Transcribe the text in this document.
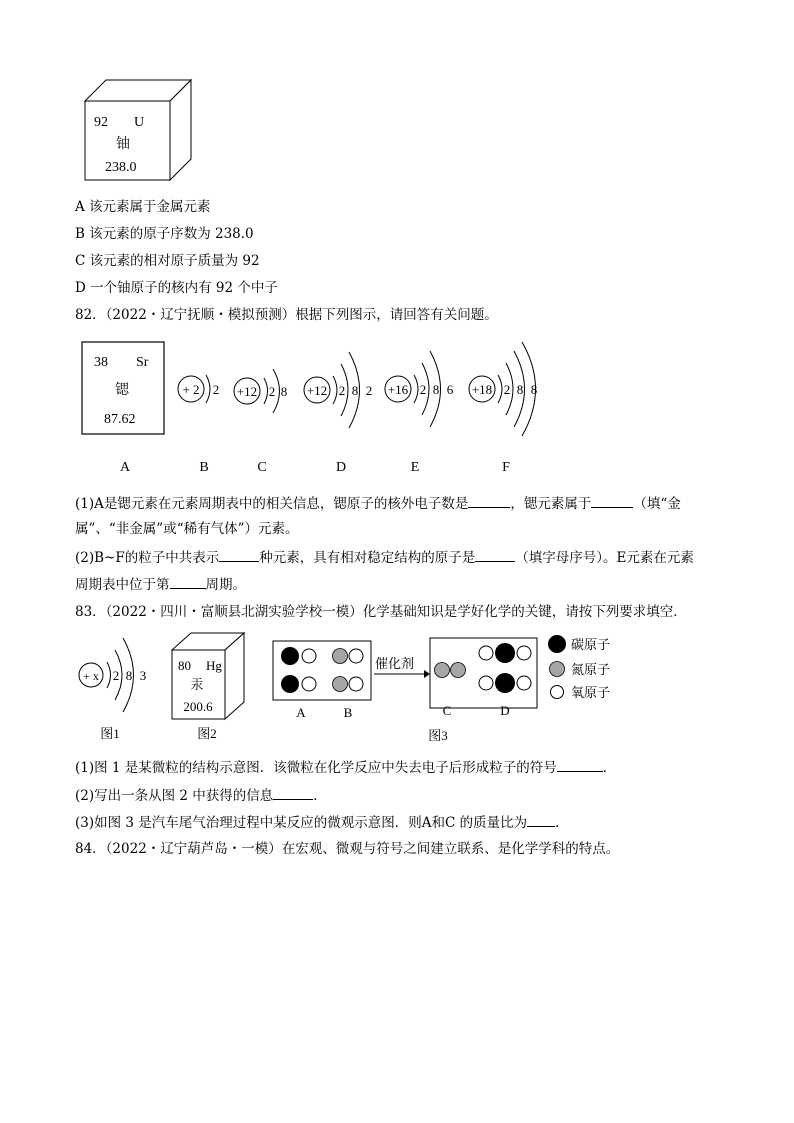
92 U
铀
238.0
A 该元素属于金属元素
B 该元素的原子序数为 238.0
C 该元素的相对原子质量为 92
D 一个铀原子的核内有 92 个中子
82．（2022・辽宁抚顺・模拟预测）根据下列图示，请回答有关问题。
38 Sr
锶
87.62
+ 2 2 +12 2 8 +12 2 8 2 +16 2 8 6 +18 2 8 8
A	B	C	D	E	F
(1)A是锶元素在元素周期表中的相关信息，锶原子的核外电子数是	，锶元素属于	（填“金
属”、“非金属”或“稀有气体”）元素。
(2)B~F的粒子中共表示	种元素，具有相对稳定结构的原子是	（填字母序号）。E元素在元素
周期表中位于第	周期。
83．（2022・四川・富顺县北湖实验学校一模）化学基础知识是学好化学的关键，请按下列要求填空．
+ x 2 8 3
80 Hg
汞
200.6
催化剂
碳原子
氮原子
氧原子
A	B	C	D
图1	图2	图3
(1)图 1 是某微粒的结构示意图．该微粒在化学反应中失去电子后形成粒子的符号	．
(2)写出一条从图 2 中获得的信息	．
(3)如图 3 是汽车尾气治理过程中某反应的微观示意图．则A和C 的质量比为 ．
84．（2022・辽宁葫芦岛・一模）在宏观、微观与符号之间建立联系、是化学学科的特点。
